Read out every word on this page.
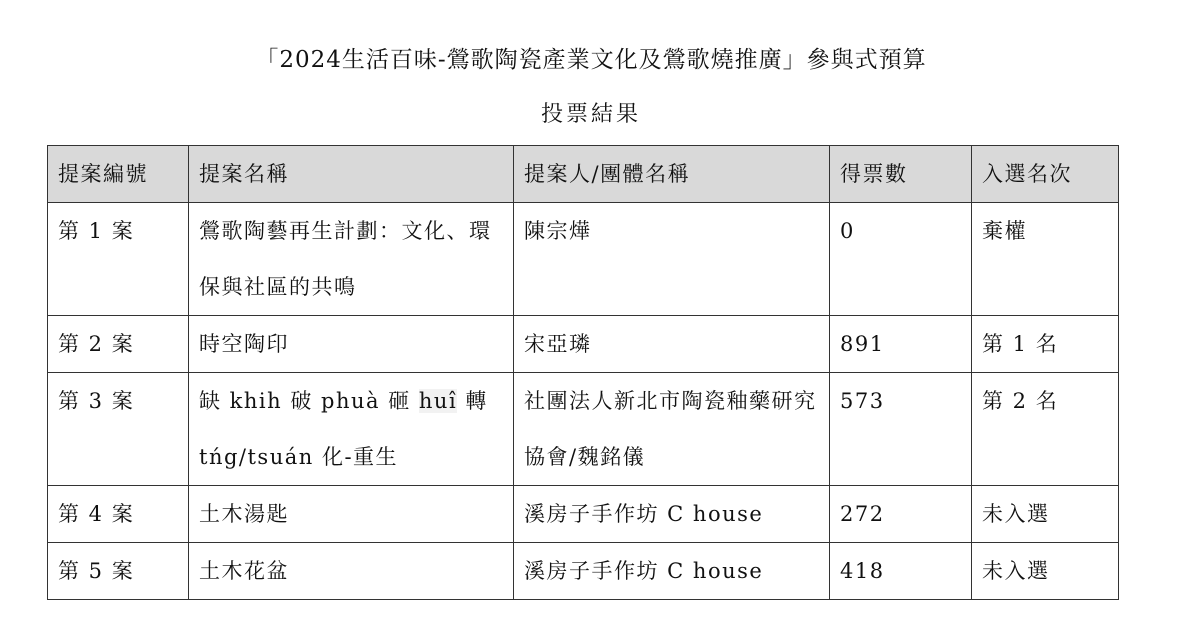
「2024生活百味-鶯歌陶瓷產業文化及鶯歌燒推廣」參與式預算
投票結果
提案編號	提案名稱	提案人/團體名稱	得票數	入選名次

第 1 案	鶯歌陶藝再生計劃：文化、環保與社區的共鳴	陳宗燁	0	棄權

第 2 案	時空陶印	宋亞璘	891	第 1 名

第 3 案	缺 khih 破 phuà 砸 huî 轉 tńg/tsuán 化-重生	社團法人新北市陶瓷釉藥研究協會/魏銘儀	573	第 2 名

第 4 案	土木湯匙	溪房子手作坊 C house	272	未入選

第 5 案	土木花盆	溪房子手作坊 C house	418	未入選
